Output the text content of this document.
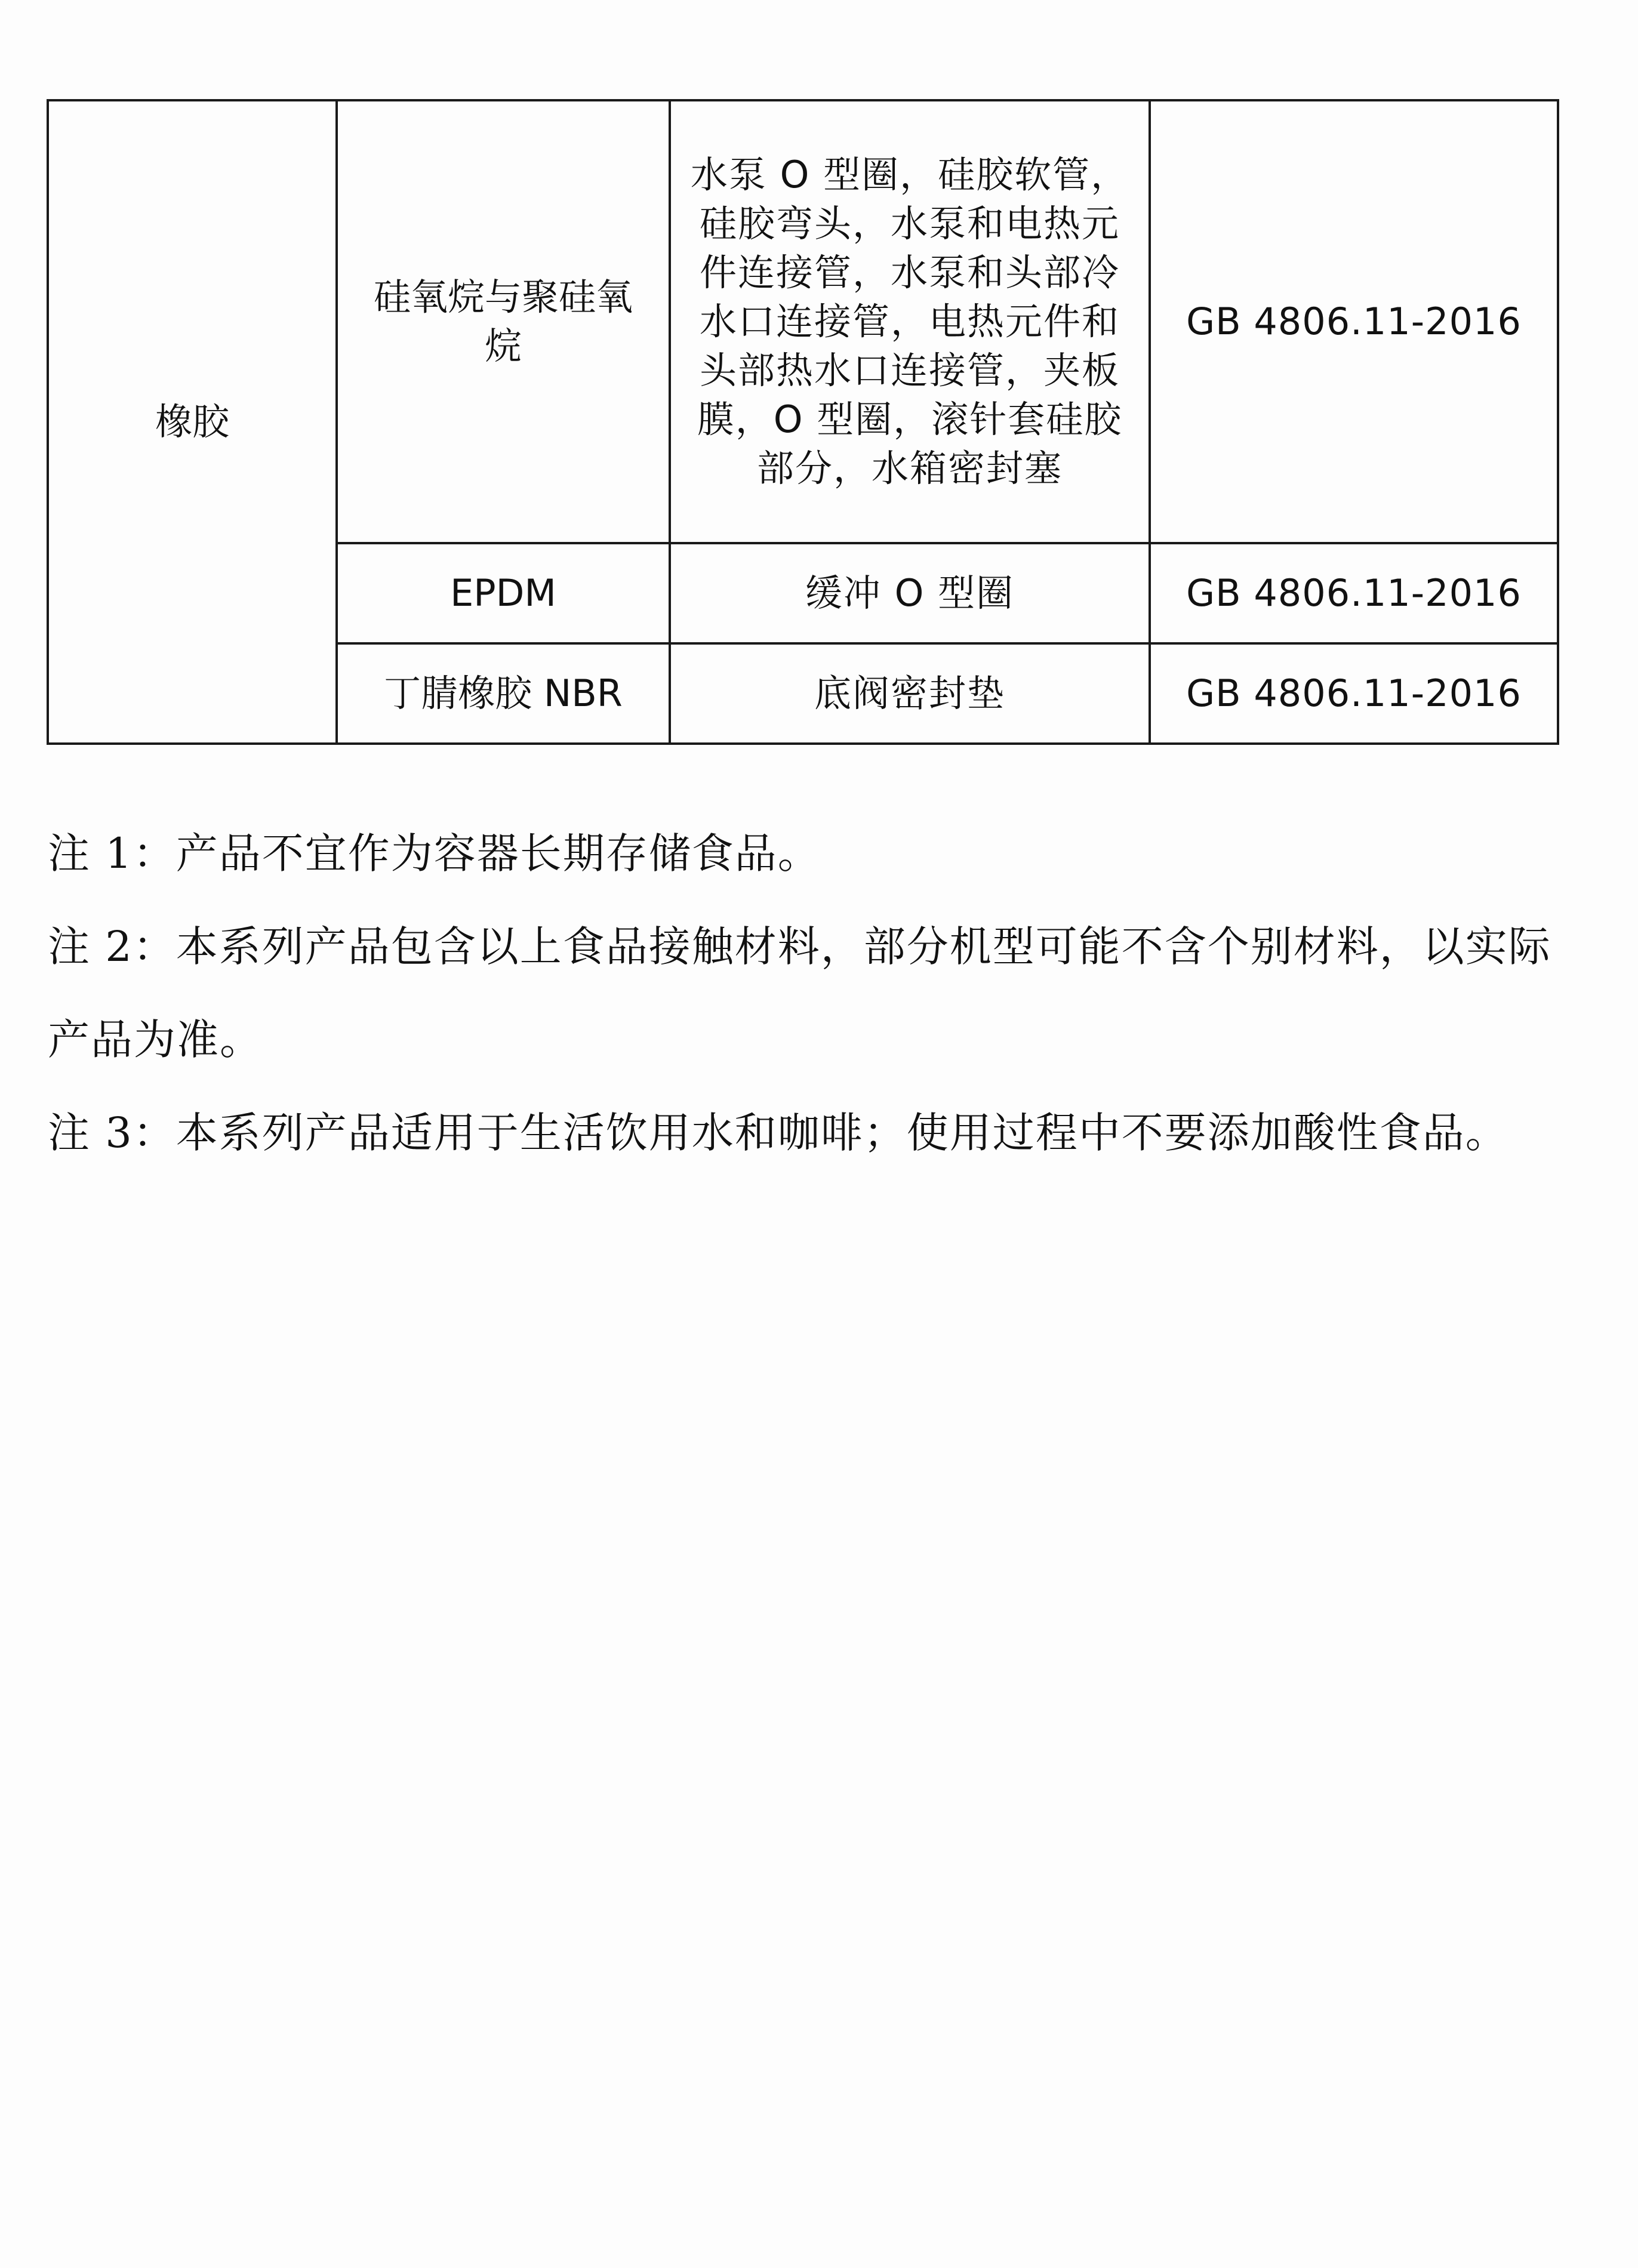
橡胶	硅氧烷与聚硅氧烷	水泵 O 型圈，硅胶软管，硅胶弯头，水泵和电热元件连接管，水泵和头部冷水口连接管，电热元件和头部热水口连接管，夹板膜，O 型圈，滚针套硅胶部分，水箱密封塞	GB 4806.11-2016
	EPDM	缓冲 O 型圈	GB 4806.11-2016
	丁腈橡胶 NBR	底阀密封垫	GB 4806.11-2016

注 1：产品不宜作为容器长期存储食品。

注 2：本系列产品包含以上食品接触材料，部分机型可能不含个别材料，以实际产品为准。

注 3：本系列产品适用于生活饮用水和咖啡；使用过程中不要添加酸性食品。
